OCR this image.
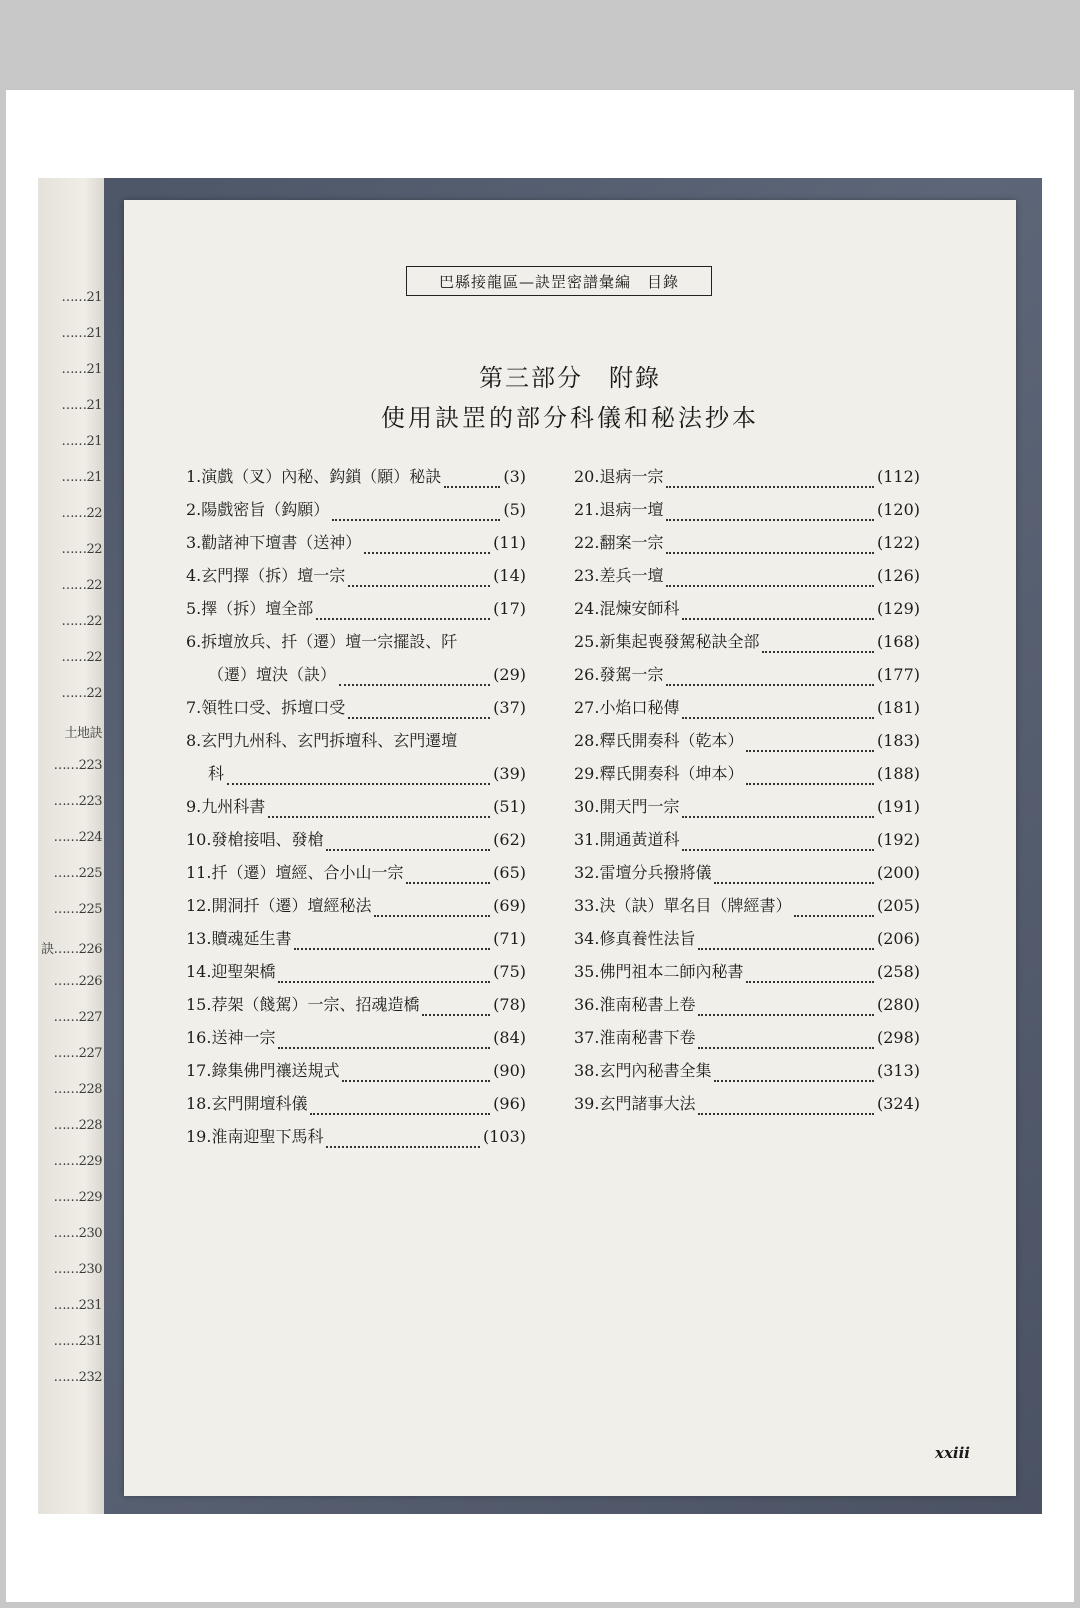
……21
……21
……21
……21
……21
……21
……22
……22
……22
……22
……22
……22
土地訣
……223
……223
……224
……225
……225
訣……226
……226
……227
……227
……228
……228
……229
……229
……230
……230
……231
……231
……232
巴縣接龍區—訣罡密譜彙編　目錄
第三部分　附錄
使用訣罡的部分科儀和秘法抄本
1. 演戲（叉）內秘、鈎鎖（願）秘訣	(3)
2. 陽戲密旨（鈎願）	(5)
3. 勸諸神下壇書（送神）	(11)
4. 玄門擇（拆）壇一宗	(14)
5. 擇（拆）壇全部	(17)
6. 拆壇放兵、扦（遷）壇一宗擺設、阡
（遷）壇決（訣）	(29)
7. 領牲口受、拆壇口受	(37)
8. 玄門九州科、玄門拆壇科、玄門遷壇
科	(39)
9. 九州科書	(51)
10. 發槍接唱、發槍	(62)
11. 扦（遷）壇經、合小山一宗	(65)
12. 開洞扦（遷）壇經秘法	(69)
13. 贖魂延生書	(71)
14. 迎聖架橋	(75)
15. 荐架（餞駕）一宗、招魂造橋	(78)
16. 送神一宗	(84)
17. 錄集佛門禳送規式	(90)
18. 玄門開壇科儀	(96)
19. 淮南迎聖下馬科	(103)
20. 退病一宗	(112)
21. 退病一壇	(120)
22. 翻案一宗	(122)
23. 差兵一壇	(126)
24. 混煉安師科	(129)
25. 新集起喪發駕秘訣全部	(168)
26. 發駕一宗	(177)
27. 小焰口秘傳	(181)
28. 釋氏開奏科（乾本）	(183)
29. 釋氏開奏科（坤本）	(188)
30. 開天門一宗	(191)
31. 開通黃道科	(192)
32. 雷壇分兵撥將儀	(200)
33. 決（訣）單名目（牌經書）	(205)
34. 修真養性法旨	(206)
35. 佛門祖本二師內秘書	(258)
36. 淮南秘書上卷	(280)
37. 淮南秘書下卷	(298)
38. 玄門內秘書全集	(313)
39. 玄門諸事大法	(324)
xxiii
